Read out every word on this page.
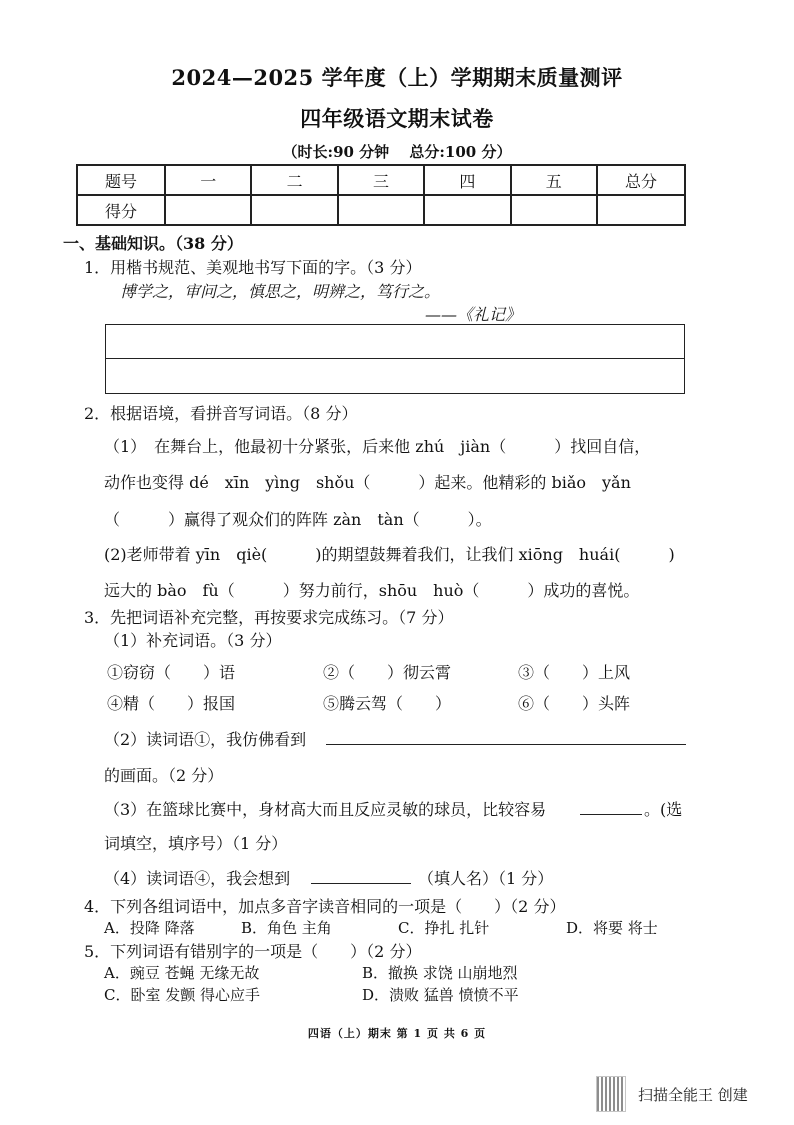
2024—2025 学年度（上）学期期末质量测评
四年级语文期末试卷
（时长:90 分钟　 总分:100 分）
题号	一	二	三	四	五	总分
得分						
一、基础知识。（38 分）
1．用楷书规范、美观地书写下面的字。（3 分）
博学之，审问之，慎思之，明辨之，笃行之。
——《礼记》
2．根据语境，看拼音写词语。（8 分）
（1）　在舞台上，他最初十分紧张，后来他 zhú　jiàn（　　　）找回自信，
动作也变得 dé　xīn　yìng　shǒu（　　　）起来。他精彩的 biǎo　yǎn
（　　　）赢得了观众们的阵阵 zàn　tàn（　　　）。
(2)老师带着 yīn　qiè(　　　)的期望鼓舞着我们，让我们 xiōng　huái(　　　)
远大的 bào　fù（　　　）努力前行，shōu　huò（　　　）成功的喜悦。
3．先把词语补充完整，再按要求完成练习。（7 分）
（1）补充词语。（3 分）
①窃窃（　　）语	②（　　）彻云霄	③（　　）上风
④精（　　）报国	⑤腾云驾（　　）	⑥（　　）头阵
（2）读词语①，我仿佛看到
的画面。（2 分）
（3）在篮球比赛中，身材高大而且反应灵敏的球员，比较容易	。(选
词填空，填序号）（1 分）
（4）读词语④，我会想到	（填人名）（1 分）
4．下列各组词语中，加点多音字读音相同的一项是（　　）（2 分）
A．投降 降落	B．角色 主角	C．挣扎 扎针	D．将要 将士
5．下列词语有错别字的一项是（　　）（2 分）
A．豌豆 苍蝇 无缘无故	B．撤换 求饶 山崩地烈
C．卧室 发颤 得心应手	D．溃败 猛兽 愤愤不平
四语（上）期末 第 1 页 共 6 页
扫描全能王 创建
